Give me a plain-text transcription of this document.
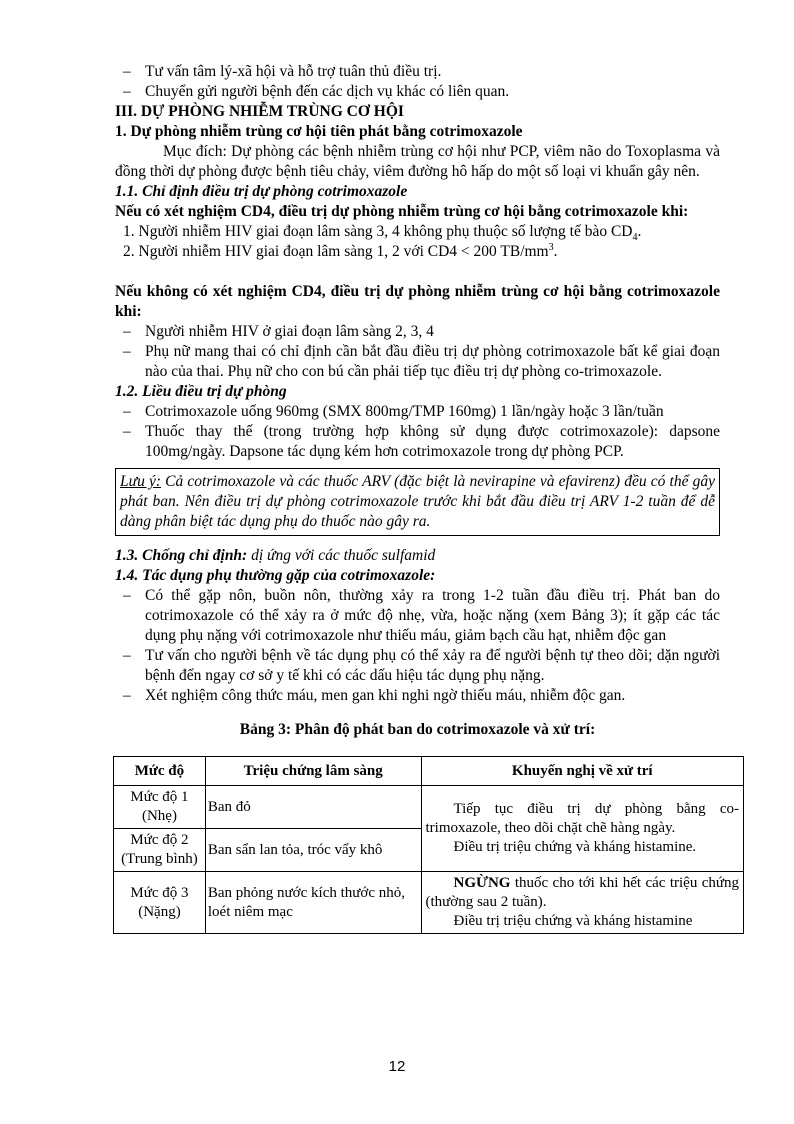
– Tư vấn tâm lý-xã hội và hỗ trợ tuân thủ điều trị.
– Chuyển gửi người bệnh đến các dịch vụ khác có liên quan.

III. DỰ PHÒNG NHIỄM TRÙNG CƠ HỘI

1. Dự phòng nhiễm trùng cơ hội tiên phát bằng cotrimoxazole

Mục đích: Dự phòng các bệnh nhiễm trùng cơ hội như PCP, viêm não do Toxoplasma và đồng thời dự phòng được bệnh tiêu chảy, viêm đường hô hấp do một số loại vi khuẩn gây nên.

1.1. Chỉ định điều trị dự phòng cotrimoxazole

Nếu có xét nghiệm CD4, điều trị dự phòng nhiễm trùng cơ hội bằng cotrimoxazole khi:

1. Người nhiễm HIV giai đoạn lâm sàng 3, 4 không phụ thuộc số lượng tế bào $CD_4$.

2. Người nhiễm HIV giai đoạn lâm sàng 1, 2 với CD4 < 200 $TB/mm^3$.

Nếu không có xét nghiệm CD4, điều trị dự phòng nhiễm trùng cơ hội bằng cotrimoxazole khi:

– Người nhiễm HIV ở giai đoạn lâm sàng 2, 3, 4
– Phụ nữ mang thai có chỉ định cần bắt đầu điều trị dự phòng cotrimoxazole bất kể giai đoạn nào của thai. Phụ nữ cho con bú cần phải tiếp tục điều trị dự phòng co-trimoxazole.

1.2. Liều điều trị dự phòng

– Cotrimoxazole uống 960mg (SMX 800mg/TMP 160mg) 1 lần/ngày hoặc 3 lần/tuần
– Thuốc thay thế (trong trường hợp không sử dụng được cotrimoxazole): dapsone 100mg/ngày. Dapsone tác dụng kém hơn cotrimoxazole trong dự phòng PCP.
Lưu ý: Cả cotrimoxazole và các thuốc ARV (đặc biệt là nevirapine và efavirenz) đều có thể gây phát ban. Nên điều trị dự phòng cotrimoxazole trước khi bắt đầu điều trị ARV 1-2 tuần để dễ dàng phân biệt tác dụng phụ do thuốc nào gây ra.

1.3. Chống chỉ định: dị ứng với các thuốc sulfamid

1.4. Tác dụng phụ thường gặp của cotrimoxazole:

– Có thể gặp nôn, buồn nôn, thường xảy ra trong 1-2 tuần đầu điều trị. Phát ban do cotrimoxazole có thể xảy ra ở mức độ nhẹ, vừa, hoặc nặng (xem Bảng 3); ít gặp các tác dụng phụ nặng với cotrimoxazole như thiếu máu, giảm bạch cầu hạt, nhiễm độc gan
– Tư vấn cho người bệnh về tác dụng phụ có thể xảy ra để người bệnh tự theo dõi; dặn người bệnh đến ngay cơ sở y tế khi có các dấu hiệu tác dụng phụ nặng.
– Xét nghiệm công thức máu, men gan khi nghi ngờ thiếu máu, nhiễm độc gan.

Bảng 3: Phân độ phát ban do cotrimoxazole và xử trí:

Mức độ	Triệu chứng lâm sàng	Khuyến nghị về xử trí
Mức độ 1 (Nhẹ)	Ban đỏ	Tiếp tục điều trị dự phòng bằng co-trimoxazole, theo dõi chặt chẽ hàng ngày.
Điều trị triệu chứng và kháng histamine.

Mức độ 2 (Trung bình)	Ban sẩn lan tỏa, tróc vẩy khô	
Mức độ 3 (Nặng)	Ban phỏng nước kích thước nhỏ, loét niêm mạc	NGỪNG thuốc cho tới khi hết các triệu chứng (thường sau 2 tuần).
Điều trị triệu chứng và kháng histamine
12
